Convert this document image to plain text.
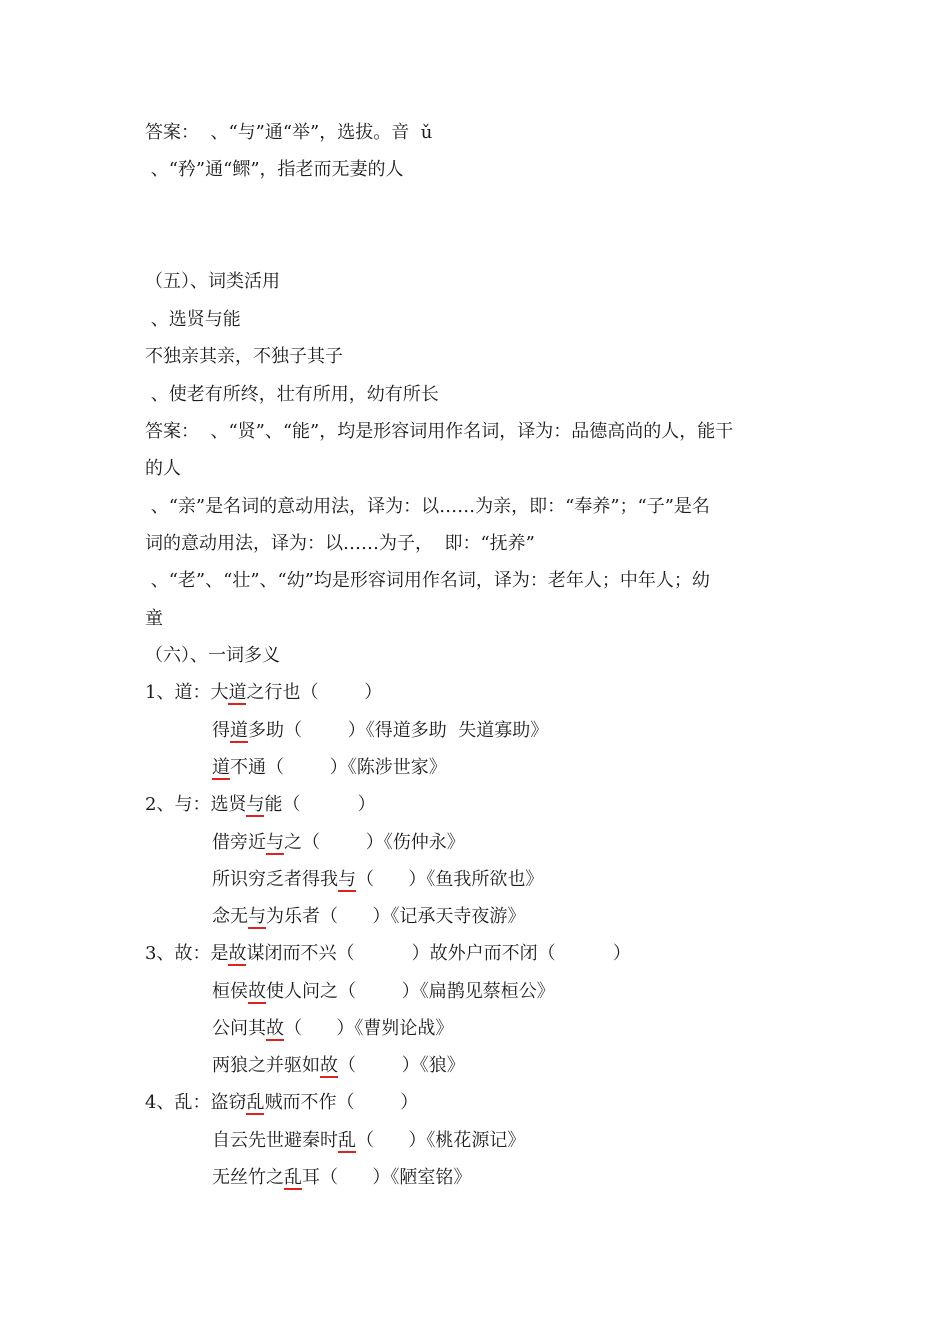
答案：  、“与”通“举”，选拔。音  ǔ
、“矜”通“鳏”，指老而无妻的人
（五）、词类活用
、选贤与能
不独亲其亲，不独子其子
、使老有所终，壮有所用，幼有所长
答案：  、“贤”、“能”，均是形容词用作名词，译为：品德高尚的人，能干
的人
、“亲”是名词的意动用法，译为：以……为亲，即：“奉养”；“子”是名
词的意动用法，译为：以……为子，  即：“抚养”
、“老”、“壮”、“幼”均是形容词用作名词，译为：老年人；中年人；幼
童
（六）、一词多义
1、道：大道之行也（        ）
得道多助（        ）《得道多助  失道寡助》
道不通（        ）《陈涉世家》
2、与：选贤与能（          ）
借旁近与之（        ）《伤仲永》
所识穷乏者得我与（      ）《鱼我所欲也》
念无与为乐者（      ）《记承天寺夜游》
3、故：是故谋闭而不兴（          ）故外户而不闭（          ）
桓侯故使人问之（        ）《扁鹊见蔡桓公》
公问其故（      ）《曹刿论战》
两狼之并驱如故（        ）《狼》
4、乱：盗窃乱贼而不作（        ）
自云先世避秦时乱（      ）《桃花源记》
无丝竹之乱耳（      ）《陋室铭》
